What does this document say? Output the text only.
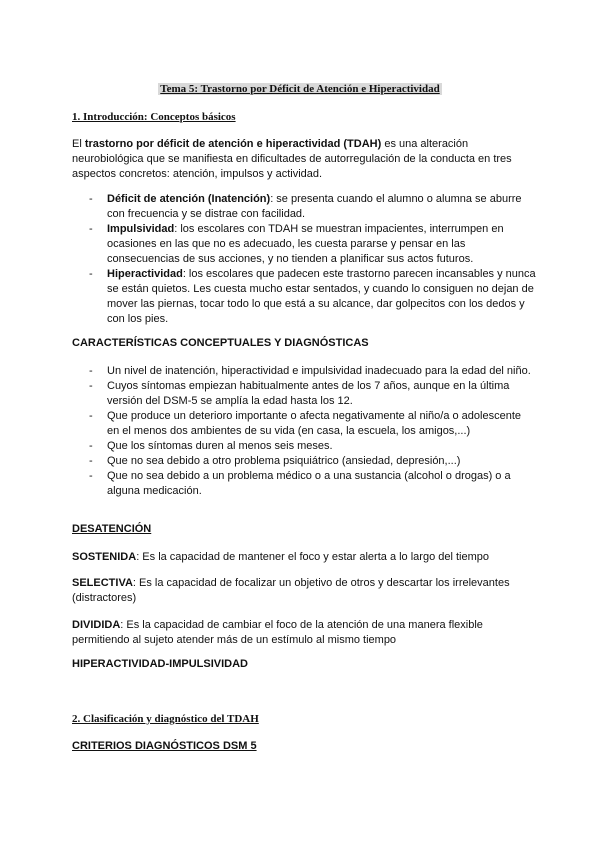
Tema 5: Trastorno por Déficit de Atención e Hiperactividad
1. Introducción: Conceptos básicos
El trastorno por déficit de atención e hiperactividad (TDAH) es una alteración neurobiológica que se manifiesta en dificultades de autorregulación de la conducta en tres aspectos concretos: atención, impulsos y actividad.
- Déficit de atención (Inatención): se presenta cuando el alumno o alumna se aburre con frecuencia y se distrae con facilidad.
- Impulsividad: los escolares con TDAH se muestran impacientes, interrumpen en ocasiones en las que no es adecuado, les cuesta pararse y pensar en las consecuencias de sus acciones, y no tienden a planificar sus actos futuros.
- Hiperactividad: los escolares que padecen este trastorno parecen incansables y nunca se están quietos. Les cuesta mucho estar sentados, y cuando lo consiguen no dejan de mover las piernas, tocar todo lo que está a su alcance, dar golpecitos con los dedos y con los pies.
CARACTERÍSTICAS CONCEPTUALES Y DIAGNÓSTICAS
- Un nivel de inatención, hiperactividad e impulsividad inadecuado para la edad del niño.
- Cuyos síntomas empiezan habitualmente antes de los 7 años, aunque en la última versión del DSM-5 se amplía la edad hasta los 12.
- Que produce un deterioro importante o afecta negativamente al niño/a o adolescente en el menos dos ambientes de su vida (en casa, la escuela, los amigos,...)
- Que los síntomas duren al menos seis meses.
- Que no sea debido a otro problema psiquiátrico (ansiedad, depresión,...)
- Que no sea debido a un problema médico o a una sustancia (alcohol o drogas) o a alguna medicación.
DESATENCIÓN
SOSTENIDA: Es la capacidad de mantener el foco y estar alerta a lo largo del tiempo
SELECTIVA: Es la capacidad de focalizar un objetivo de otros y descartar los irrelevantes (distractores)
DIVIDIDA: Es la capacidad de cambiar el foco de la atención de una manera flexible permitiendo al sujeto atender más de un estímulo al mismo tiempo
HIPERACTIVIDAD-IMPULSIVIDAD
2. Clasificación y diagnóstico del TDAH
CRITERIOS DIAGNÓSTICOS DSM 5
